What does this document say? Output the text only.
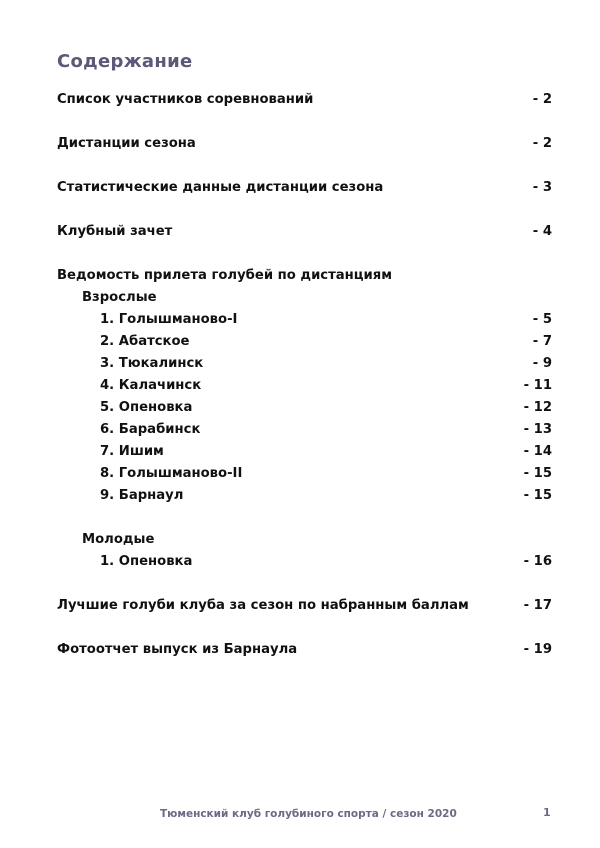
Содержание
Список участников соревнований	- 2
Дистанции сезона	- 2
Статистические данные дистанции сезона	- 3
Клубный зачет	- 4
Ведомость прилета голубей по дистанциям
Взрослые
1. Голышманово-I	- 5
2. Абатское	- 7
3. Тюкалинск	- 9
4. Калачинск	- 11
5. Опеновка	- 12
6. Барабинск	- 13
7. Ишим	- 14
8. Голышманово-II	- 15
9. Барнаул	- 15
Молодые
1. Опеновка	- 16
Лучшие голуби клуба за сезон по набранным баллам	- 17
Фотоотчет выпуск из Барнаула	- 19
Тюменский клуб голубиного спорта / сезон 2020	1
